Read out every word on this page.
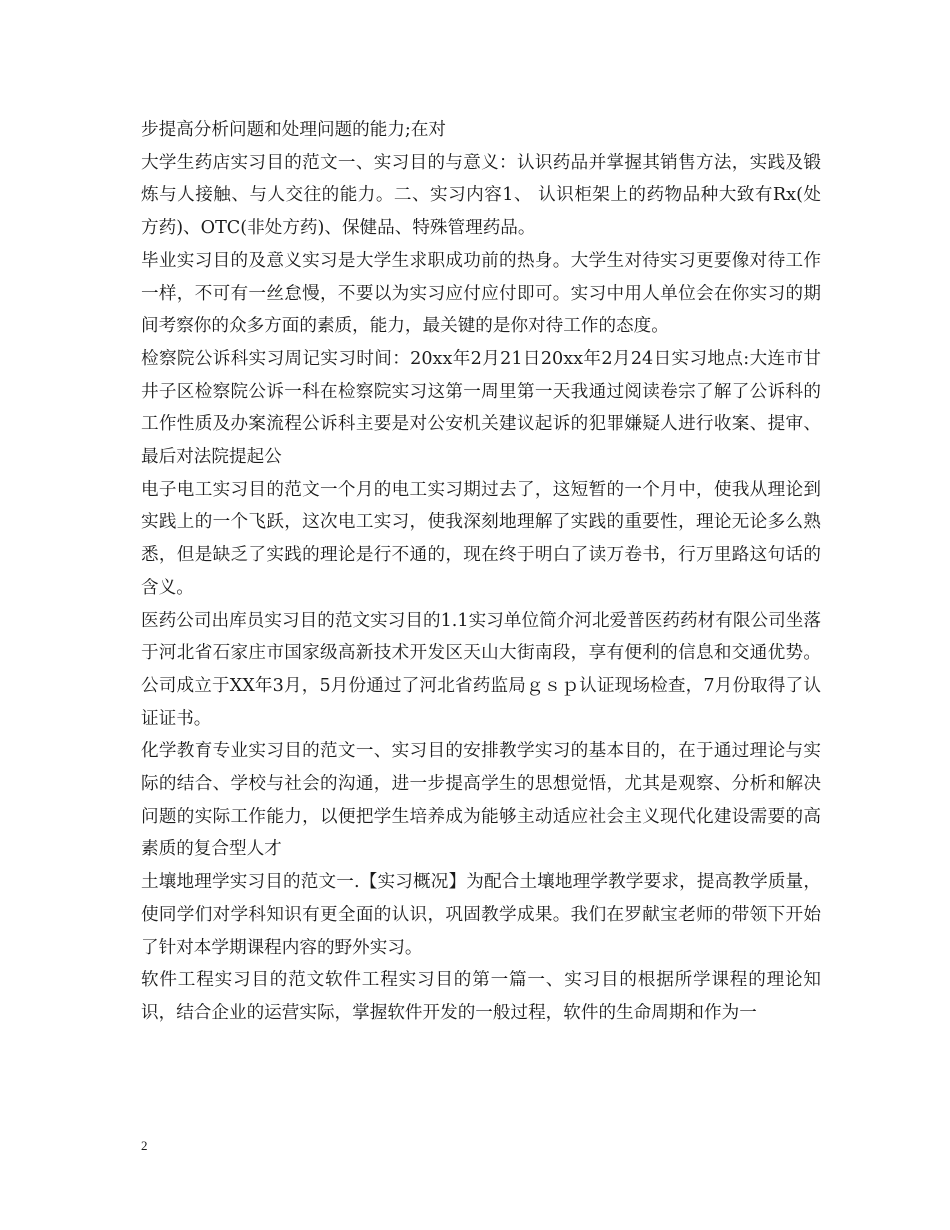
步提高分析问题和处理问题的能力;在对

大学生药店实习目的范文一、实习目的与意义：认识药品并掌握其销售方法，实践及锻炼与人接触、与人交往的能力。二、实习内容1、 认识柜架上的药物品种大致有Rx(处方药)、OTC(非处方药)、保健品、特殊管理药品。

毕业实习目的及意义实习是大学生求职成功前的热身。大学生对待实习更要像对待工作一样，不可有一丝怠慢，不要以为实习应付应付即可。实习中用人单位会在你实习的期间考察你的众多方面的素质，能力，最关键的是你对待工作的态度。

检察院公诉科实习周记实习时间：20xx年2月21日20xx年2月24日实习地点:大连市甘井子区检察院公诉一科在检察院实习这第一周里第一天我通过阅读卷宗了解了公诉科的工作性质及办案流程公诉科主要是对公安机关建议起诉的犯罪嫌疑人进行收案、提审、最后对法院提起公

电子电工实习目的范文一个月的电工实习期过去了，这短暂的一个月中，使我从理论到实践上的一个飞跃，这次电工实习，使我深刻地理解了实践的重要性，理论无论多么熟悉，但是缺乏了实践的理论是行不通的，现在终于明白了读万卷书，行万里路这句话的含义。

医药公司出库员实习目的范文实习目的1.1实习单位简介河北爱普医药药材有限公司坐落于河北省石家庄市国家级高新技术开发区天山大街南段，享有便利的信息和交通优势。公司成立于XX年3月，5月份通过了河北省药监局ｇｓｐ认证现场检查，7月份取得了认证证书。

化学教育专业实习目的范文一、实习目的安排教学实习的基本目的，在于通过理论与实际的结合、学校与社会的沟通，进一步提高学生的思想觉悟，尤其是观察、分析和解决问题的实际工作能力，以便把学生培养成为能够主动适应社会主义现代化建设需要的高素质的复合型人才

土壤地理学实习目的范文一.【实习概况】为配合土壤地理学教学要求，提高教学质量，使同学们对学科知识有更全面的认识，巩固教学成果。我们在罗献宝老师的带领下开始了针对本学期课程内容的野外实习。

软件工程实习目的范文软件工程实习目的第一篇一、实习目的根据所学课程的理论知识，结合企业的运营实际，掌握软件开发的一般过程，软件的生命周期和作为一

2
